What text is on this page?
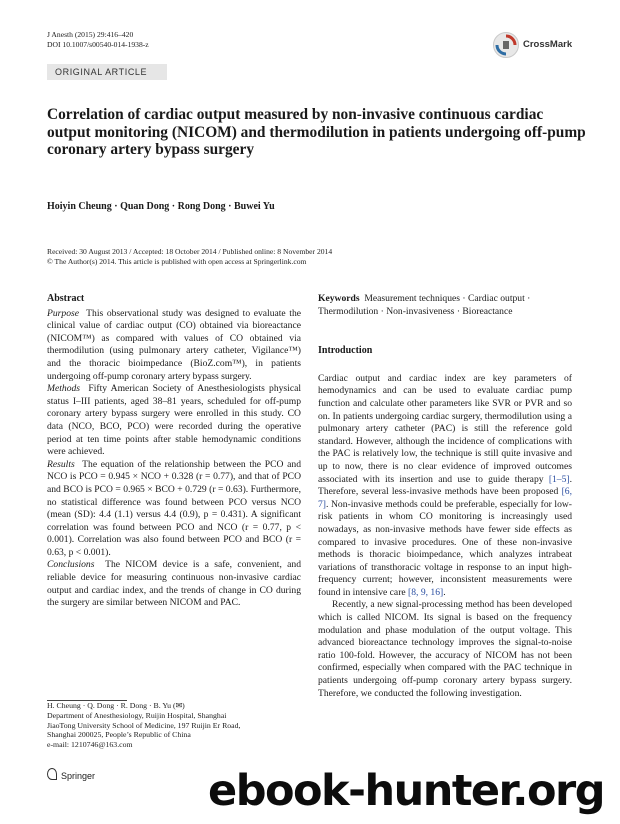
J Anesth (2015) 29:416–420
DOI 10.1007/s00540-014-1938-z	CrossMark
ORIGINAL ARTICLE
Correlation of cardiac output measured by non-invasive continuous cardiac output monitoring (NICOM) and thermodilution in patients undergoing off-pump coronary artery bypass surgery
Hoiyin Cheung · Quan Dong · Rong Dong · Buwei Yu
Received: 30 August 2013 / Accepted: 18 October 2014 / Published online: 8 November 2014
© The Author(s) 2014. This article is published with open access at Springerlink.com

Abstract

Purpose This observational study was designed to evaluate the clinical value of cardiac output (CO) obtained via bioreactance (NICOM™) as compared with values of CO obtained via thermodilution (using pulmonary artery catheter, Vigilance™) and the thoracic bioimpedance (BioZ.com™), in patients undergoing off-pump coronary artery bypass surgery.

Methods Fifty American Society of Anesthesiologists physical status I–III patients, aged 38–81 years, scheduled for off-pump coronary artery bypass surgery were enrolled in this study. CO data (NCO, BCO, PCO) were recorded during the operative period at ten time points after stable hemodynamic conditions were achieved.

Results The equation of the relationship between the PCO and NCO is PCO = 0.945 × NCO + 0.328 (r = 0.77), and that of PCO and BCO is PCO = 0.965 × BCO + 0.729 (r = 0.63). Furthermore, no statistical difference was found between PCO versus NCO (mean (SD): 4.4 (1.1) versus 4.4 (0.9), p = 0.431). A significant correlation was found between PCO and NCO (r = 0.77, p < 0.001). Correlation was also found between PCO and BCO (r = 0.63, p < 0.001).

Conclusions The NICOM device is a safe, convenient, and reliable device for measuring continuous non-invasive cardiac output and cardiac index, and the trends of change in CO during the surgery are similar between NICOM and PAC.

Keywords Measurement techniques · Cardiac output · Thermodilution · Non-invasiveness · Bioreactance

Introduction

Cardiac output and cardiac index are key parameters of hemodynamics and can be used to evaluate cardiac pump function and calculate other parameters like SVR or PVR and so on. In patients undergoing cardiac surgery, thermodilution using a pulmonary artery catheter (PAC) is still the reference gold standard. However, although the incidence of complications with the PAC is relatively low, the technique is still quite invasive and up to now, there is no clear evidence of improved outcomes associated with its insertion and use to guide therapy [1–5]. Therefore, several less-invasive methods have been proposed [6, 7]. Non-invasive methods could be preferable, especially for low-risk patients in whom CO monitoring is increasingly used nowadays, as non-invasive methods have fewer side effects as compared to invasive procedures. One of these non-invasive methods is thoracic bioimpedance, which analyzes intrabeat variations of transthoracic voltage in response to an input high-frequency current; however, inconsistent measurements were found in intensive care [8, 9, 16].

Recently, a new signal-processing method has been developed which is called NICOM. Its signal is based on the frequency modulation and phase modulation of the output voltage. This advanced bioreactance technology improves the signal-to-noise ratio 100-fold. However, the accuracy of NICOM has not been confirmed, especially when compared with the PAC technique in patients undergoing off-pump coronary artery bypass surgery. Therefore, we conducted the following investigation.

H. Cheung · Q. Dong · R. Dong · B. Yu (✉)
Department of Anesthesiology, Ruijin Hospital, Shanghai
JiaoTong University School of Medicine, 197 Ruijin Er Road,
Shanghai 200025, People’s Republic of China
e-mail: 1210746@163.com
Springer	ebook-hunter.org
